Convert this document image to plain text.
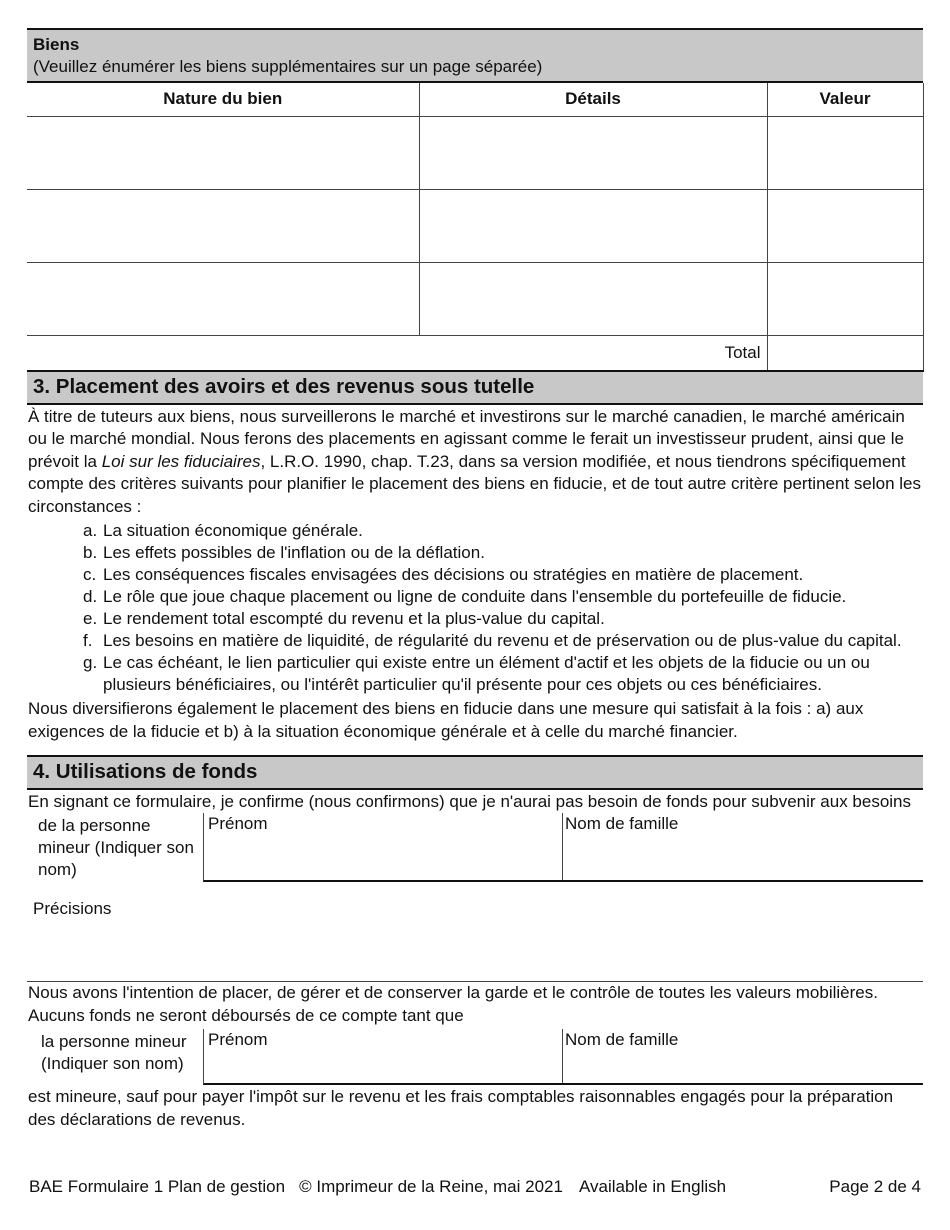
Biens
(Veuillez énumérer les biens supplémentaires sur un page séparée)
Nature du bien	Détails	Valeur

Total		
3. Placement des avoirs et des revenus sous tutelle
À titre de tuteurs aux biens, nous surveillerons le marché et investirons sur le marché canadien, le marché américain ou le marché mondial. Nous ferons des placements en agissant comme le ferait un investisseur prudent, ainsi que le prévoit la Loi sur les fiduciaires, L.R.O. 1990, chap. T.23, dans sa version modifiée, et nous tiendrons spécifiquement compte des critères suivants pour planifier le placement des biens en fiducie, et de tout autre critère pertinent selon les circonstances :
a. La situation économique générale.
b. Les effets possibles de l'inflation ou de la déflation.
c. Les conséquences fiscales envisagées des décisions ou stratégies en matière de placement.
d. Le rôle que joue chaque placement ou ligne de conduite dans l'ensemble du portefeuille de fiducie.
e. Le rendement total escompté du revenu et la plus-value du capital.
f. Les besoins en matière de liquidité, de régularité du revenu et de préservation ou de plus-value du capital.
g. Le cas échéant, le lien particulier qui existe entre un élément d'actif et les objets de la fiducie ou un ou plusieurs bénéficiaires, ou l'intérêt particulier qu'il présente pour ces objets ou ces bénéficiaires.
Nous diversifierons également le placement des biens en fiducie dans une mesure qui satisfait à la fois : a) aux exigences de la fiducie et b) à la situation économique générale et à celle du marché financier.
4. Utilisations de fonds
En signant ce formulaire, je confirme (nous confirmons) que je n'aurai pas besoin de fonds pour subvenir aux besoins
de la personne mineur (Indiquer son nom)
Prénom	Nom de famille
Précisions
Nous avons l'intention de placer, de gérer et de conserver la garde et le contrôle de toutes les valeurs mobilières. Aucuns fonds ne seront déboursés de ce compte tant que
la personne mineur (Indiquer son nom)
Prénom	Nom de famille
est mineure, sauf pour payer l'impôt sur le revenu et les frais comptables raisonnables engagés pour la préparation des déclarations de revenus.
BAE Formulaire 1 Plan de gestion © Imprimeur de la Reine, mai 2021 Available in English	Page 2 de 4
